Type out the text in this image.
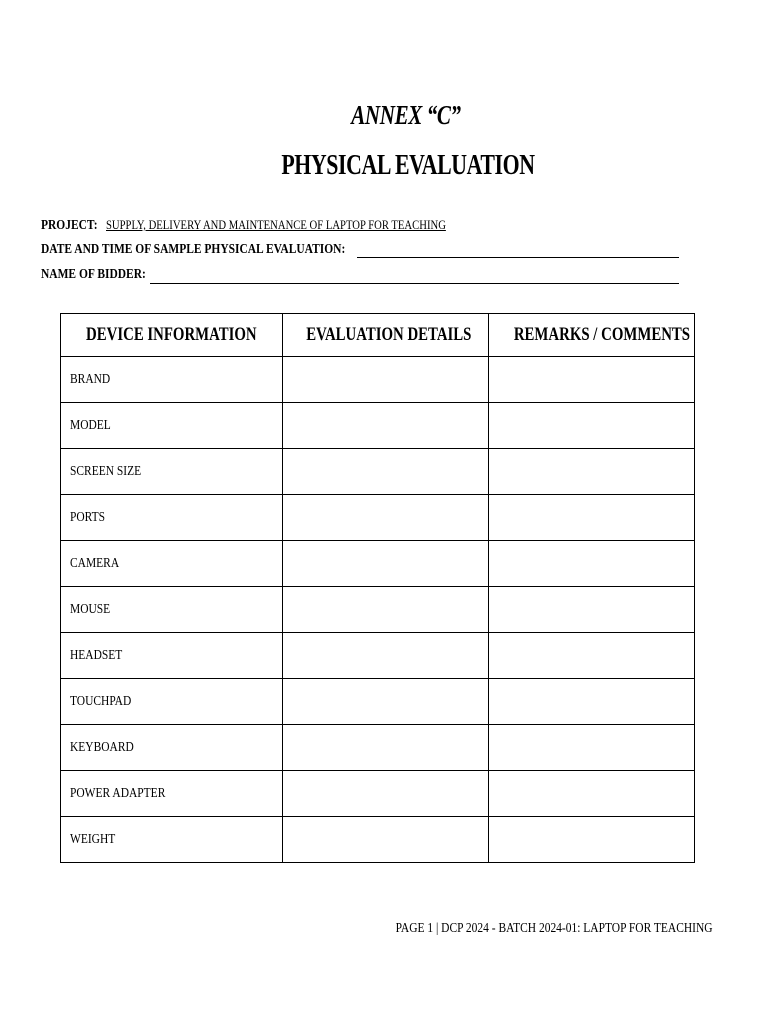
ANNEX “C”
PHYSICAL EVALUATION
PROJECT: SUPPLY, DELIVERY AND MAINTENANCE OF LAPTOP FOR TEACHING
DATE AND TIME OF SAMPLE PHYSICAL EVALUATION:
NAME OF BIDDER:
DEVICE INFORMATION	EVALUATION DETAILS	REMARKS / COMMENTS
BRAND		
MODEL		
SCREEN SIZE		
PORTS		
CAMERA		
MOUSE		
HEADSET		
TOUCHPAD		
KEYBOARD		
POWER ADAPTER		
WEIGHT		
PAGE 1 | DCP 2024 - BATCH 2024-01: LAPTOP FOR TEACHING
